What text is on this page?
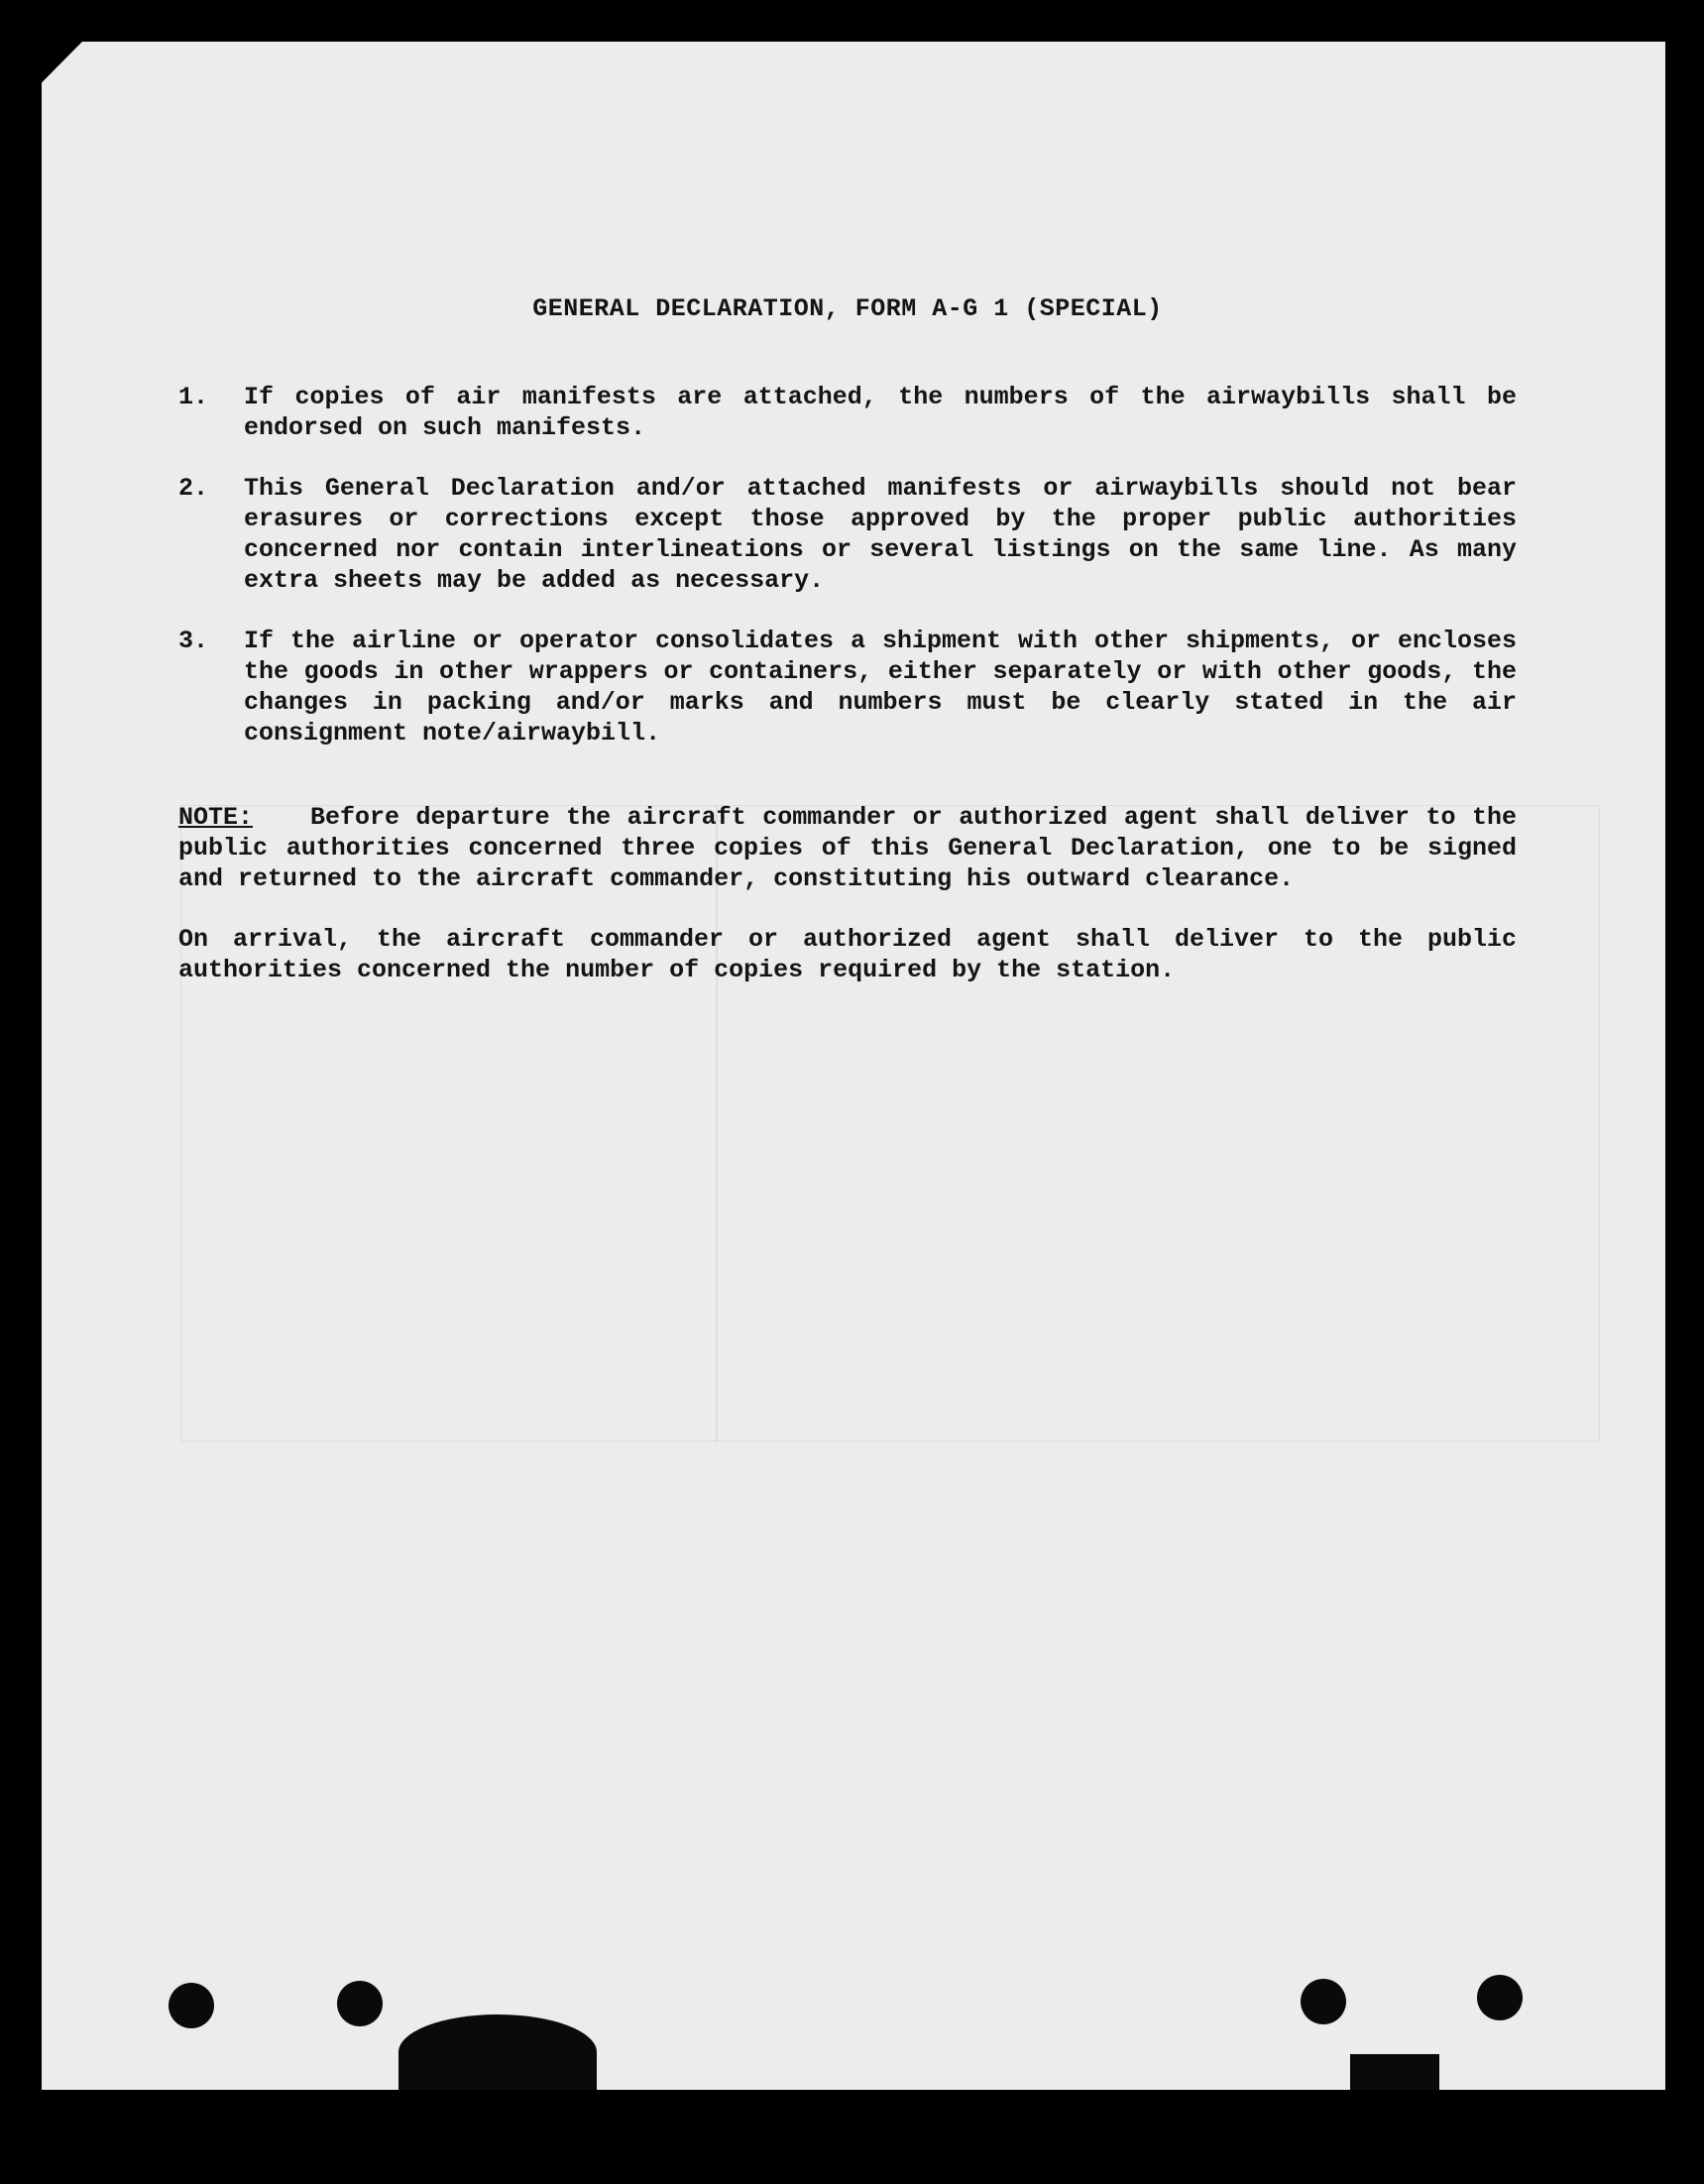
GENERAL DECLARATION, FORM A-G 1 (SPECIAL)
1.	If copies of air manifests are attached, the numbers of the airwaybills shall be endorsed on such manifests.
2.	This General Declaration and/or attached manifests or airwaybills should not bear erasures or corrections except those approved by the proper public authorities concerned nor contain interlineations or several listings on the same line. As many extra sheets may be added as necessary.
3.	If the airline or operator consolidates a shipment with other shipments, or encloses the goods in other wrappers or containers, either separately or with other goods, the changes in packing and/or marks and numbers must be clearly stated in the air consignment note/airwaybill.

NOTE: Before departure the aircraft commander or authorized agent shall deliver to the public authorities concerned three copies of this General Declaration, one to be signed and returned to the aircraft commander, constituting his outward clearance.

On arrival, the aircraft commander or authorized agent shall deliver to the public authorities concerned the number of copies required by the station.
